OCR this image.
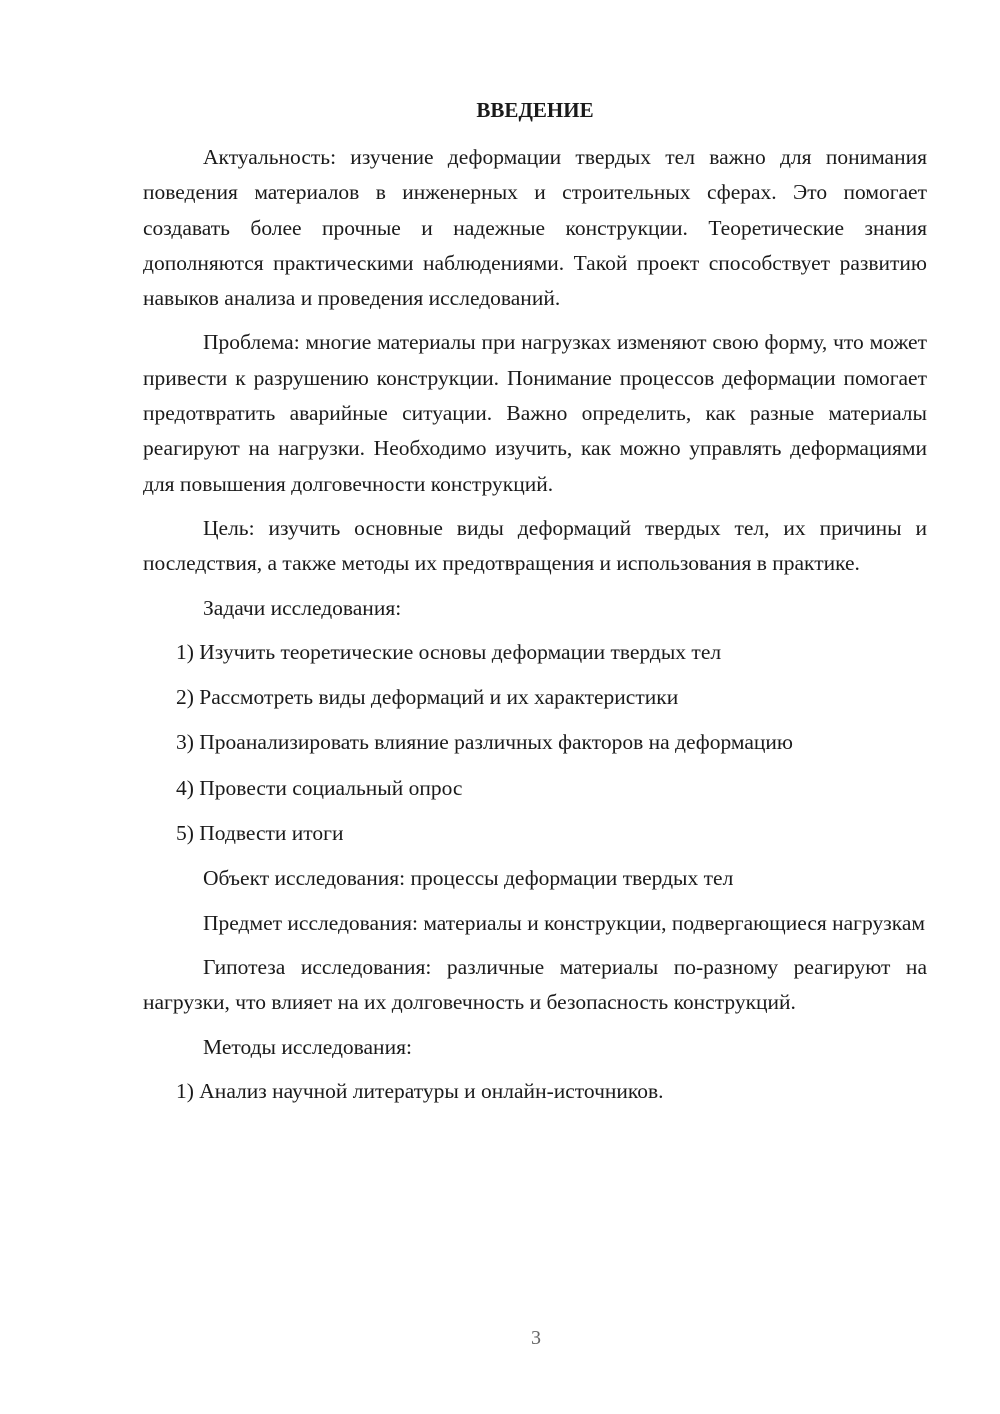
ВВЕДЕНИЕ

Актуальность: изучение деформации твердых тел важно для понимания поведения материалов в инженерных и строительных сферах. Это помогает создавать более прочные и надежные конструкции. Теоретические знания дополняются практическими наблюдениями. Такой проект способствует развитию навыков анализа и проведения исследований.

Проблема: многие материалы при нагрузках изменяют свою форму, что может привести к разрушению конструкции. Понимание процессов деформации помогает предотвратить аварийные ситуации. Важно определить, как разные материалы реагируют на нагрузки. Необходимо изучить, как можно управлять деформациями для повышения долговечности конструкций.

Цель: изучить основные виды деформаций твердых тел, их причины и последствия, а также методы их предотвращения и использования в практике.

Задачи исследования:

1) Изучить теоретические основы деформации твердых тел

2) Рассмотреть виды деформаций и их характеристики

3) Проанализировать влияние различных факторов на деформацию

4) Провести социальный опрос

5) Подвести итоги

Объект исследования: процессы деформации твердых тел

Предмет исследования: материалы и конструкции, подвергающиеся нагрузкам

Гипотеза исследования: различные материалы по-разному реагируют на нагрузки, что влияет на их долговечность и безопасность конструкций.

Методы исследования:

1) Анализ научной литературы и онлайн-источников.

3
